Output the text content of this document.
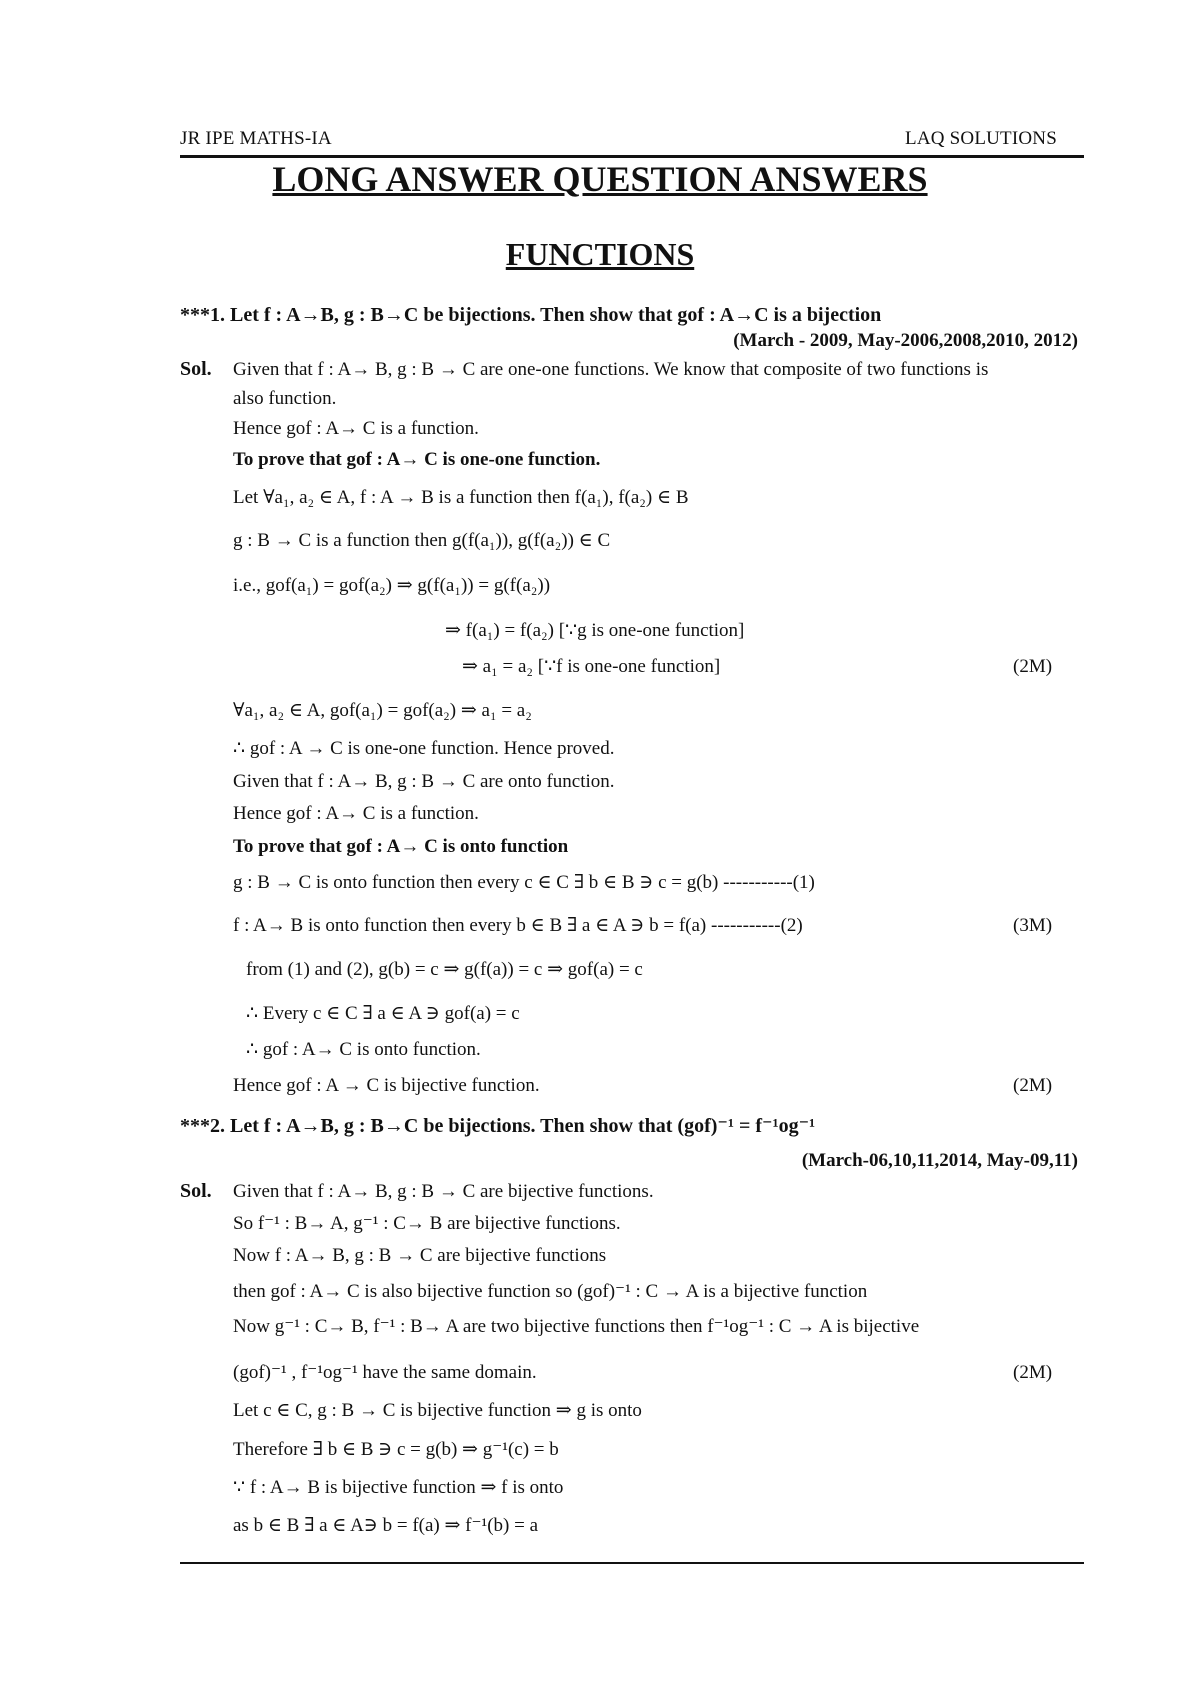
JR IPE MATHS-IA	LAQ SOLUTIONS
LONG ANSWER QUESTION ANSWERS
FUNCTIONS
***1. Let f : A→B, g : B→C be bijections. Then show that gof : A→C is a bijection
(March - 2009, May-2006,2008,2010, 2012)
Sol. Given that f : A→ B, g : B → C are one-one functions. We know that composite of two functions is
also function.
Hence gof : A→ C is a function.
To prove that gof : A→ C is one-one function.
Let ∀a₁, a₂ ∈ A, f : A → B is a function then f(a₁), f(a₂) ∈ B
g : B → C is a function then g(f(a₁)), g(f(a₂)) ∈ C
i.e., gof(a₁) = gof(a₂) ⇒ g(f(a₁)) = g(f(a₂))
⇒ f(a₁) = f(a₂) [∵g is one-one function]
⇒ a₁ = a₂ [∵f is one-one function]	(2M)
∀a₁, a₂ ∈ A, gof(a₁) = gof(a₂) ⇒ a₁ = a₂
∴ gof : A → C is one-one function. Hence proved.
Given that f : A→ B, g : B → C are onto function.
Hence gof : A→ C is a function.
To prove that gof : A→ C is onto function
g : B → C is onto function then every c ∈ C ∃ b ∈ B ∋ c = g(b) -----------(1)
f : A→ B is onto function then every b ∈ B ∃ a ∈ A ∋ b = f(a) -----------(2)	(3M)
from (1) and (2), g(b) = c ⇒ g(f(a)) = c ⇒ gof(a) = c
∴ Every c ∈ C ∃ a ∈ A ∋ gof(a) = c
∴ gof : A→ C is onto function.
Hence gof : A → C is bijective function.	(2M)
***2. Let f : A→B, g : B→C be bijections. Then show that (gof)⁻¹ = f⁻¹og⁻¹
(March-06,10,11,2014, May-09,11)
Sol. Given that f : A→ B, g : B → C are bijective functions.
So f⁻¹ : B→ A, g⁻¹ : C→ B are bijective functions.
Now f : A→ B, g : B → C are bijective functions
then gof : A→ C is also bijective function so (gof)⁻¹ : C → A is a bijective function
Now g⁻¹ : C→ B, f⁻¹ : B→ A are two bijective functions then f⁻¹og⁻¹ : C → A is bijective
(gof)⁻¹ , f⁻¹og⁻¹ have the same domain.	(2M)
Let c ∈ C, g : B → C is bijective function ⇒ g is onto
Therefore ∃ b ∈ B ∋ c = g(b) ⇒ g⁻¹(c) = b
∵ f : A→ B is bijective function ⇒ f is onto
as b ∈ B ∃ a ∈ A∋ b = f(a) ⇒ f⁻¹(b) = a
